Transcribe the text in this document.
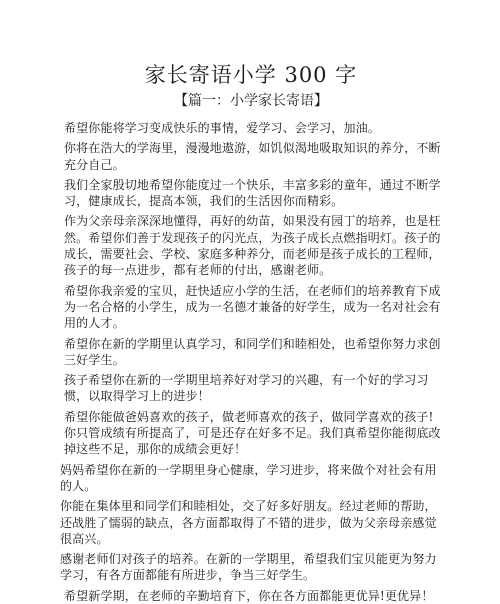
家长寄语小学 300 字
【篇一：小学家长寄语】

希望你能将学习变成快乐的事情，爱学习、会学习，加油。

你将在浩大的学海里，漫漫地遨游，如饥似渴地吸取知识的养分，不断充分自己。

我们全家殷切地希望你能度过一个快乐，丰富多彩的童年，通过不断学习，健康成长，提高本领，我们的生活因你而精彩。

作为父亲母亲深深地懂得，再好的幼苗，如果没有园丁的培养，也是枉然。希望你们善于发现孩子的闪光点，为孩子成长点燃指明灯。孩子的成长，需要社会、学校、家庭多种养分，而老师是孩子成长的工程师，孩子的每一点进步，都有老师的付出，感谢老师。

希望你我亲爱的宝贝，赶快适应小学的生活，在老师们的培养教育下成为一名合格的小学生，成为一名德才兼备的好学生，成为一名对社会有用的人才。

希望你在新的学期里认真学习，和同学们和睦相处，也希望你努力求创三好学生。

孩子希望你在新的一学期里培养好对学习的兴趣，有一个好的学习习惯，以取得学习上的进步！

希望你能做爸妈喜欢的孩子，做老师喜欢的孩子，做同学喜欢的孩子!你只管成绩有所提高了，可是还存在好多不足。我们真希望你能彻底改掉这些不足，那你的成绩会更好！

妈妈希望你在新的一学期里身心健康，学习进步，将来做个对社会有用的人。

你能在集体里和同学们和睦相处，交了好多好朋友。经过老师的帮助，还战胜了懦弱的缺点，各方面都取得了不错的进步，做为父亲母亲感觉很高兴。

感谢老师们对孩子的培养。在新的一学期里，希望我们宝贝能更为努力学习，有各方面都能有所进步，争当三好学生。

希望新学期，在老师的辛勤培育下，你在各方面都能更优异!更优异！
